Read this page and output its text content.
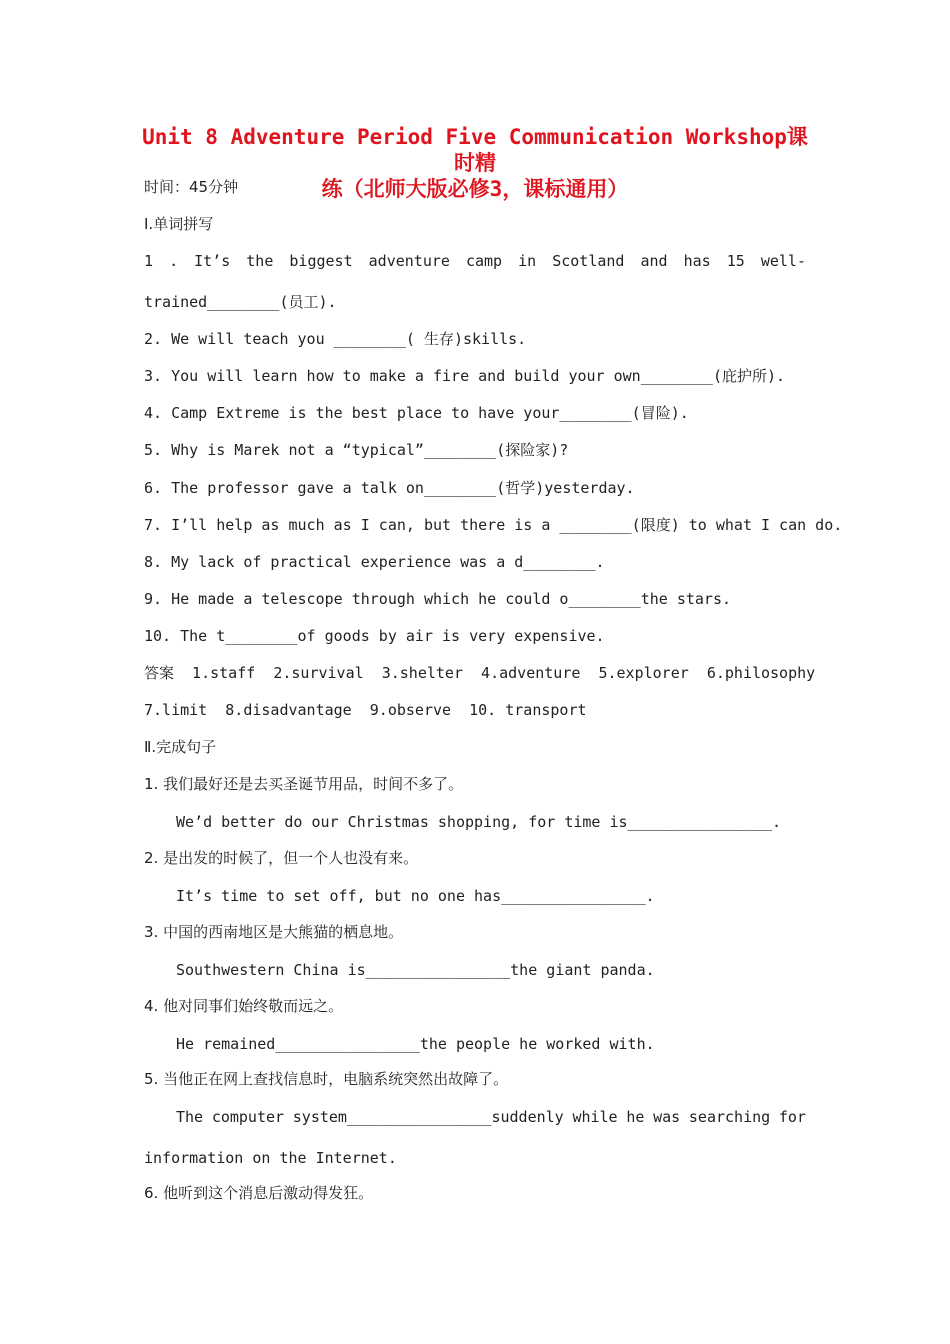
Unit 8 Adventure Period Five Communication Workshop课时精
练（北师大版必修3，课标通用）
时间：45分钟
Ⅰ.单词拼写
1 . It’s the biggest adventure camp in Scotland and has 15 well-
trained________(员工).
2. We will teach you ________( 生存)skills.
3. You will learn how to make a fire and build your own________(庇护所).
4. Camp Extreme is the best place to have your________(冒险).
5. Why is Marek not a “typical”________(探险家)?
6. The professor gave a talk on________(哲学)yesterday.
7. I’ll help as much as I can, but there is a ________(限度) to what I can do.
8. My lack of practical experience was a d________.
9. He made a telescope through which he could o________the stars.
10. The t________of goods by air is very expensive.
答案  1.staff  2.survival  3.shelter  4.adventure  5.explorer  6.philosophy
7.limit  8.disadvantage  9.observe  10. transport
Ⅱ.完成句子
1. 我们最好还是去买圣诞节用品，时间不多了。
We’d better do our Christmas shopping, for time is________________.
2. 是出发的时候了，但一个人也没有来。
It’s time to set off, but no one has________________.
3. 中国的西南地区是大熊猫的栖息地。
Southwestern China is________________the giant panda.
4. 他对同事们始终敬而远之。
He remained________________the people he worked with.
5. 当他正在网上查找信息时，电脑系统突然出故障了。
The computer system________________suddenly while he was searching for
information on the Internet.
6. 他听到这个消息后激动得发狂。
